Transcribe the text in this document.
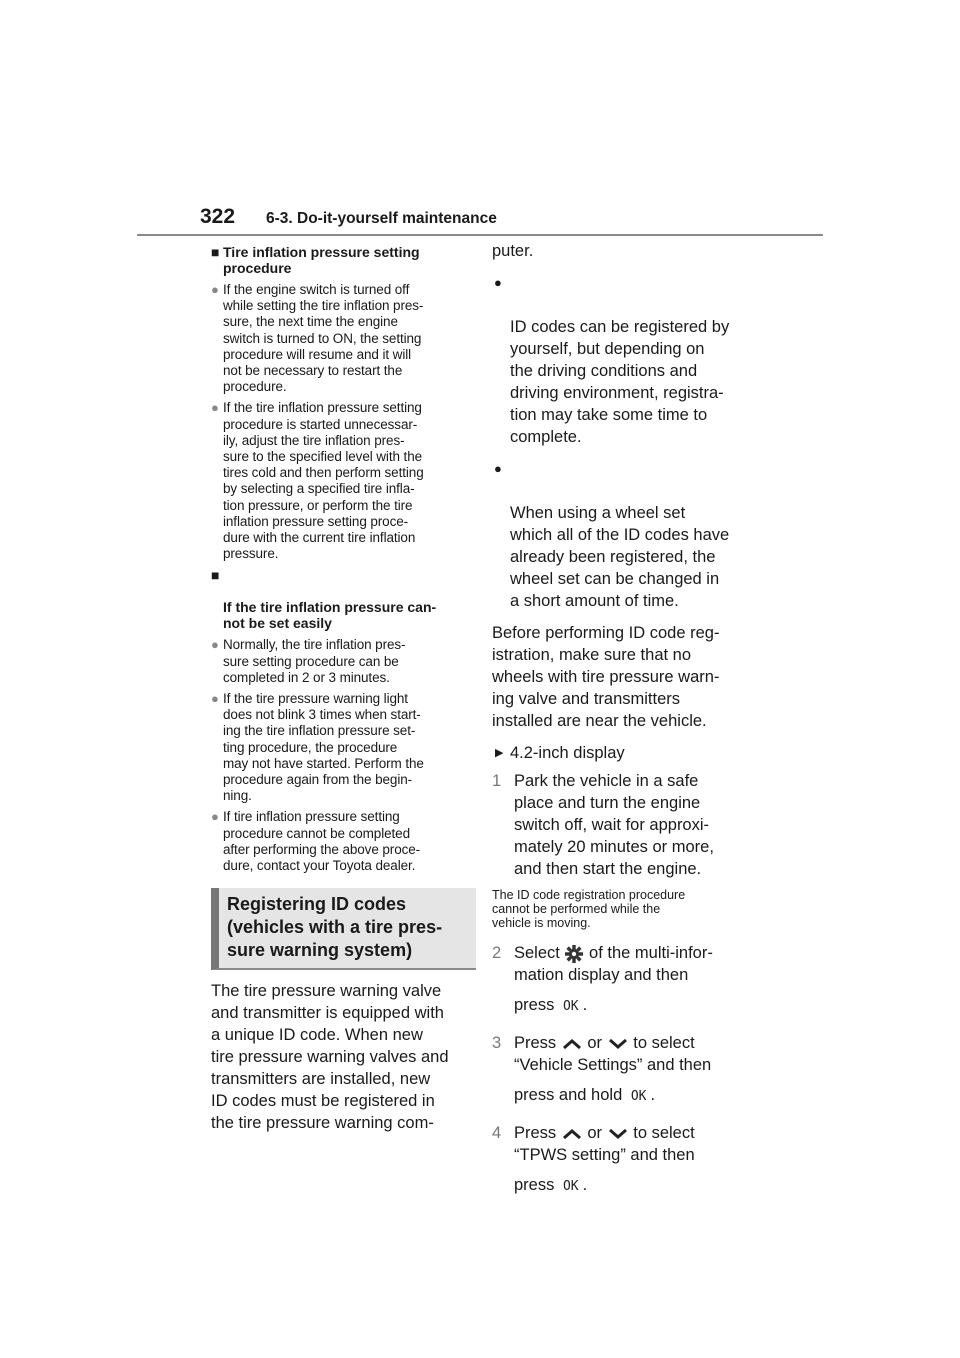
322 6-3. Do-it-yourself maintenance
■ Tire inflation pressure setting procedure
● If the engine switch is turned off
while setting the tire inflation pres-
sure, the next time the engine
switch is turned to ON, the setting
procedure will resume and it will
not be necessary to restart the
procedure.
● If the tire inflation pressure setting
procedure is started unnecessar-
ily, adjust the tire inflation pres-
sure to the specified level with the
tires cold and then perform setting
by selecting a specified tire infla-
tion pressure, or perform the tire
inflation pressure setting proce-
dure with the current tire inflation
pressure.

■

If the tire inflation pressure can-
not be set easily

● Normally, the tire inflation pres-
sure setting procedure can be
completed in 2 or 3 minutes.
● If the tire pressure warning light
does not blink 3 times when start-
ing the tire inflation pressure set-
ting procedure, the procedure
may not have started. Perform the
procedure again from the begin-
ning.
● If tire inflation pressure setting
procedure cannot be completed
after performing the above proce-
dure, contact your Toyota dealer.
Registering ID codes
(vehicles with a tire pres-
sure warning system)
The tire pressure warning valve
and transmitter is equipped with
a unique ID code. When new
tire pressure warning valves and
transmitters are installed, new
ID codes must be registered in
the tire pressure warning com-
puter.

●

ID codes can be registered by
yourself, but depending on
the driving conditions and
driving environment, registra-
tion may take some time to
complete.

●

When using a wheel set
which all of the ID codes have
already been registered, the
wheel set can be changed in
a short amount of time.

Before performing ID code reg-
istration, make sure that no
wheels with tire pressure warn-
ing valve and transmitters
installed are near the vehicle.
▶ 4.2-inch display
1 Park the vehicle in a safe
place and turn the engine
switch off, wait for approxi-
mately 20 minutes or more,
and then start the engine.
The ID code registration procedure
cannot be performed while the
vehicle is moving.
2 Select of the multi-infor-
mation display and then
press OK .
3 Press or to select
“Vehicle Settings” and then
press and hold OK .
4 Press or to select
“TPWS setting” and then
press OK .
